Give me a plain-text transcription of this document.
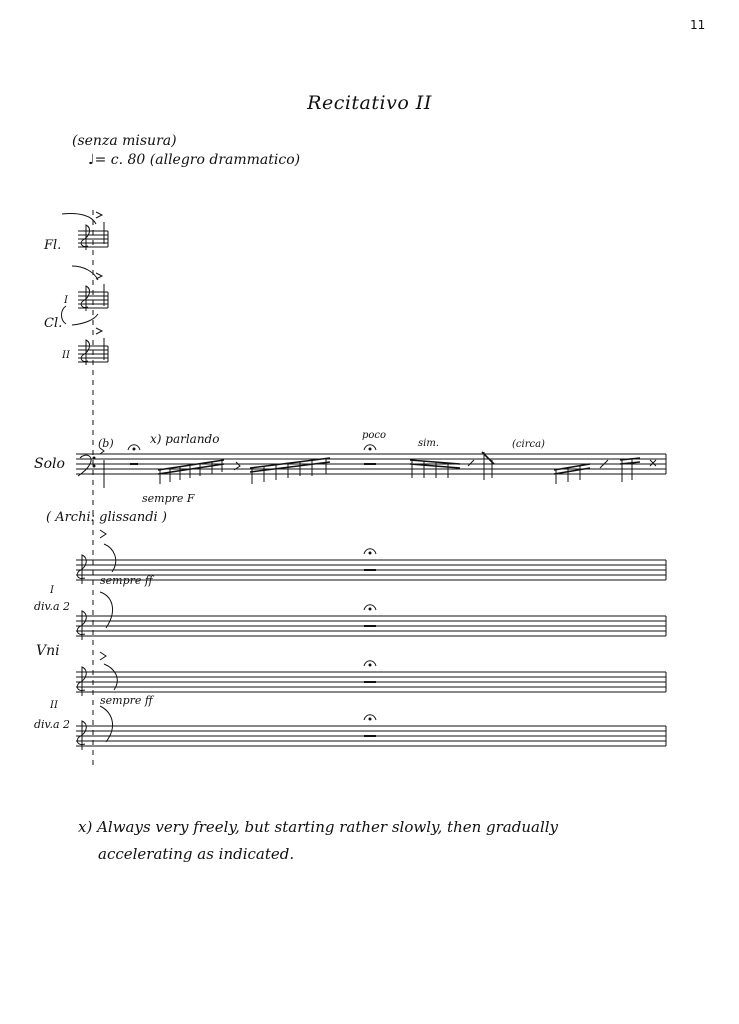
11
Recitativo II
(senza misura)
♩= c. 80 (allegro drammatico)
Fl.
I
Cl.
II
Solo
( Archi: glissandi )
I
div.a 2
Vni
II
div.a 2
(b)	x) parlando
sempre F
poco
sim.	(circa)
sempre ff
sempre ff
x) Always very freely, but starting rather slowly, then gradually
accelerating as indicated.
